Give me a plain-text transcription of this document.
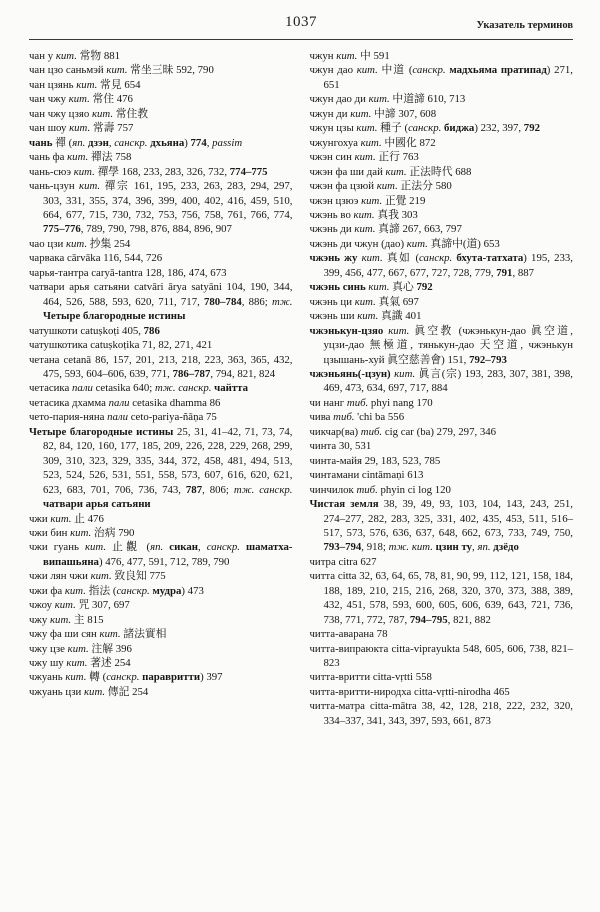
1037	Указатель терминов

чан у кит. 常物 881

чан цзо саньмэй кит. 常坐三昧 592, 790

чан цзянь кит. 常見 654

чан чжу кит. 常住 476

чан чжу цзяо кит. 常住教

чан шоу кит. 常壽 757

чань 禪 (яп. дзэн, санскр. дхьяна) 774, passim

чань фа кит. 禪法 758

чань-сюэ кит. 禪學 168, 233, 283, 326, 732, 774–775

чань-цзун кит. 禪宗 161, 195, 233, 263, 283, 294, 297, 303, 331, 355, 374, 396, 399, 400, 402, 416, 459, 510, 664, 677, 715, 730, 732, 753, 756, 758, 761, 766, 774, 775–776, 789, 790, 798, 876, 884, 896, 907

чао цзи кит. 抄集 254

чарвака cārvāka 116, 544, 726

чарья-тантра caryā-tantra 128, 186, 474, 673

чатвари арья сатьяни catvāri ārya satyāni 104, 190, 344, 464, 526, 588, 593, 620, 711, 717, 780–784, 886; тж. Четыре благородные истины

чатушкоти catuṣkoṭi 405, 786

чатушкотика catuṣkoṭika 71, 82, 271, 421

четана cetanā 86, 157, 201, 213, 218, 223, 363, 365, 432, 475, 593, 604–606, 639, 771, 786–787, 794, 821, 824

четасика пали cetasika 640; тж. санскр. чайтта

четасика дхамма пали cetasika dhamma 86

чето-пария-няна пали ceto-pariya-ñāṇa 75

Четыре благородные истины 25, 31, 41–42, 71, 73, 74, 82, 84, 120, 160, 177, 185, 209, 226, 228, 229, 268, 299, 309, 310, 323, 329, 335, 344, 372, 458, 481, 494, 513, 523, 524, 526, 531, 551, 558, 573, 607, 616, 620, 621, 623, 683, 701, 706, 736, 743, 787, 806; тж. санскр. чатвари арья сатьяни

чжи кит. 止 476

чжи бин кит. 治病 790

чжи гуань кит. 止觀 (яп. сикан, санскр. шаматха-випашьяна) 476, 477, 591, 712, 789, 790

чжи лян чжи кит. 致良知 775

чжи фа кит. 指法 (санскр. мудра) 473

чжоу кит. 咒 307, 697

чжу кит. 主 815

чжу фа ши сян кит. 諸法實相

чжу цзе кит. 注解 396

чжу шу кит. 著述 254

чжуань кит. 轉 (санскр. паравритти) 397

чжуань цзи кит. 傳記 254

чжун кит. 中 591

чжун дао кит. 中道 (санскр. мадхьяма пратипад) 271, 651

чжун дао ди кит. 中道諦 610, 713

чжун ди кит. 中諦 307, 608

чжун цзы кит. 種子 (санскр. биджа) 232, 397, 792

чжунгохуа кит. 中國化 872

чжэн син кит. 正行 763

чжэн фа ши дай кит. 正法時代 688

чжэн фа цзюй кит. 正法分 580

чжэн цзюэ кит. 正覺 219

чжэнь во кит. 真我 303

чжэнь ди кит. 真諦 267, 663, 797

чжэнь ди чжун (дао) кит. 真諦中(道) 653

чжэнь жу кит. 真如 (санскр. бхута-татхата) 195, 233, 399, 456, 477, 667, 677, 727, 728, 779, 791, 887

чжэнь синь кит. 真心 792

чжэнь ци кит. 真氣 697

чжэнь ши кит. 真識 401

чжэнькун-цзяо кит. 眞空教 (чжэнькун-дао 眞空道, уцзи-дао 無極道, тянькун-дао 天空道, чжэнькун цзышань-хуй 眞空慈善會) 151, 792–793

чжэньянь(-цзун) кит. 眞言(宗) 193, 283, 307, 381, 398, 469, 473, 634, 697, 717, 884

чи нанг тиб. phyi nang 170

чива тиб. 'chi ba 556

чикчар(ва) тиб. cig car (ba) 279, 297, 346

чинта 30, 531

чинта-майя 29, 183, 523, 785

чинтамани cintāmaṇi 613

чинчилок тиб. phyin ci log 120

Чистая земля 38, 39, 49, 93, 103, 104, 143, 243, 251, 274–277, 282, 283, 325, 331, 402, 435, 453, 511, 516–517, 573, 576, 636, 637, 648, 662, 673, 733, 749, 750, 793–794, 918; тж. кит. цзин ту, яп. дзёдо

читра citra 627

читта citta 32, 63, 64, 65, 78, 81, 90, 99, 112, 121, 158, 184, 188, 189, 210, 215, 216, 268, 320, 370, 373, 388, 389, 432, 451, 578, 593, 600, 605, 606, 639, 643, 721, 736, 738, 771, 772, 787, 794–795, 821, 882

читта-аварана 78

читта-випраюкта citta-viprayukta 548, 605, 606, 738, 821–823

читта-вритти citta-vṛtti 558

читта-вритти-ниродха citta-vṛtti-nirodha 465

читта-матра citta-mātra 38, 42, 128, 218, 222, 232, 320, 334–337, 341, 343, 397, 593, 661, 873
